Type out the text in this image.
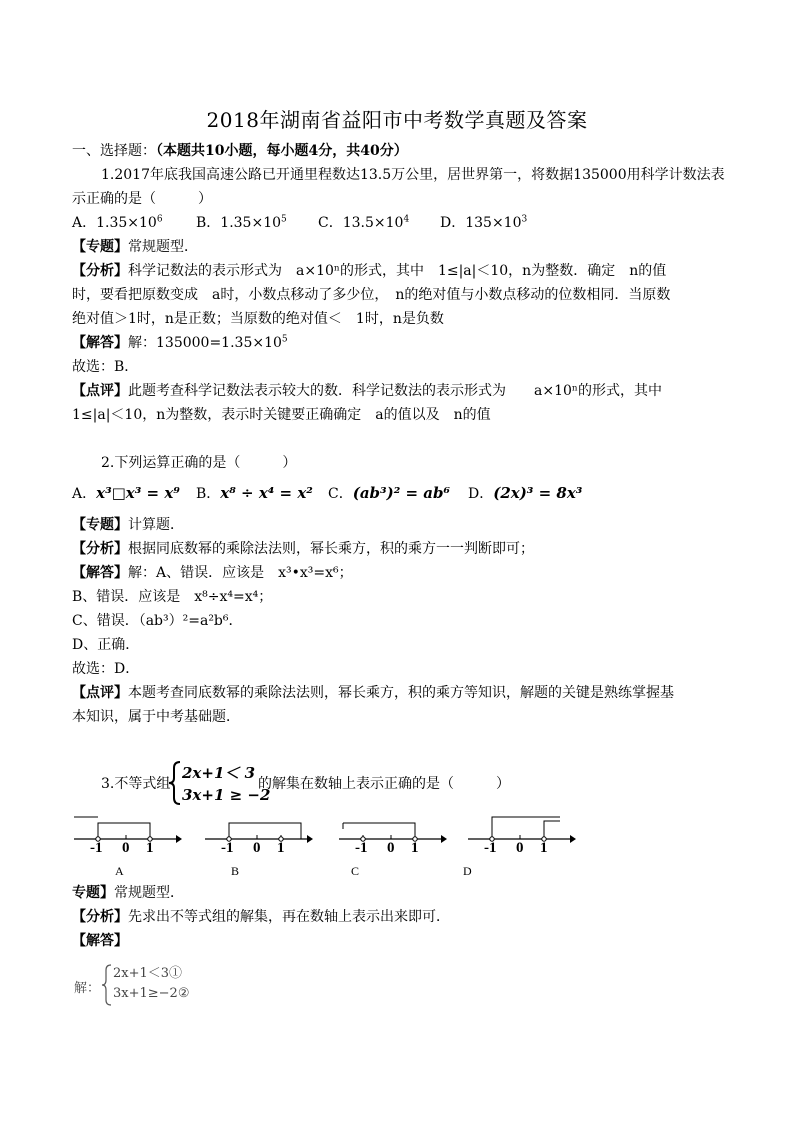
2018年湖南省益阳市中考数学真题及答案
一、选择题：（本题共10小题，每小题4分，共40分）
1.2017年底我国高速公路已开通里程数达13.5万公里，居世界第一，将数据135000用科学计数法表
示正确的是（　　　）
A．$1.35\times 10^6$ B．$1.35\times 10^5$ C．$13.5\times 10^4$ D．$135\times 10^3$
【专题】常规题型．
【分析】科学记数法的表示形式为　a×10ⁿ的形式，其中　1≤|a|＜10，n为整数．确定　n的值
时，要看把原数变成　a时，小数点移动了多少位，　n的绝对值与小数点移动的位数相同．当原数
绝对值＞1时，n是正数；当原数的绝对值＜　1时，n是负数
【解答】解：$135000=1.35\times 10^5$
故选：B．
【点评】此题考查科学记数法表示较大的数．科学记数法的表示形式为　　a×10ⁿ的形式，其中
1≤|a|＜10，n为整数，表示时关键要正确确定　a的值以及　n的值
2.下列运算正确的是（　　　）
A．x³□x³ = x⁹ B．x⁸ ÷ x⁴ = x² C．(ab³)² = ab⁶ D．(2x)³ = 8x³
【专题】计算题．
【分析】根据同底数幂的乘除法法则，幂长乘方，积的乘方一一判断即可；
【解答】解：A、错误．应该是　x³•x³=x⁶；
B、错误．应该是　x⁸÷x⁴=x⁴；
C、错误．（ab³）²=a²b⁶．
D、正确．
故选：D．
【点评】本题考查同底数幂的乘除法法则，幂长乘方，积的乘方等知识，解题的关键是熟练掌握基
本知识，属于中考基础题．
3.不等式组
2x+1＜ 3
3x+1 ≥ −2
的解集在数轴上表示正确的是（　　　）
-1 0 1
A
-1 0 1
B
-1 0 1
C
-1 0 1
D
专题】常规题型．
【分析】先求出不等式组的解集，再在数轴上表示出来即可．
【解答】
解：
2x+1＜3①
3x+1≥−2②
